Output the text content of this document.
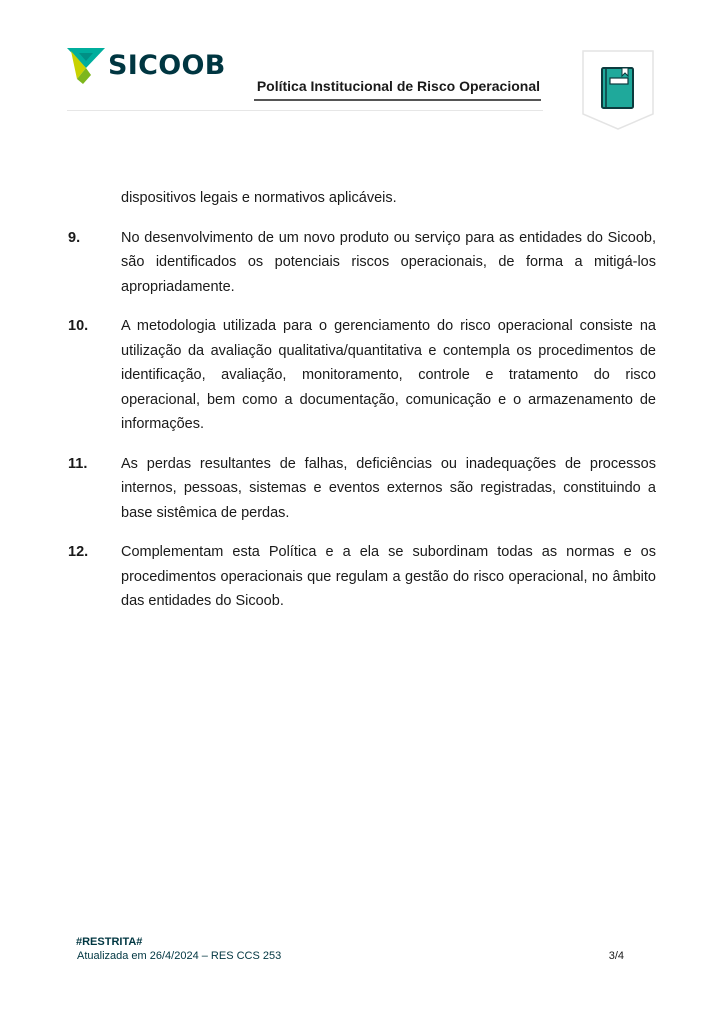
SICOOB
Política Institucional de Risco Operacional

dispositivos legais e normativos aplicáveis.

9.	No desenvolvimento de um novo produto ou serviço para as entidades do Sicoob, são identificados os potenciais riscos operacionais, de forma a mitigá-los apropriadamente.
10.	A metodologia utilizada para o gerenciamento do risco operacional consiste na utilização da avaliação qualitativa/quantitativa e contempla os procedimentos de identificação, avaliação, monitoramento, controle e tratamento do risco operacional, bem como a documentação, comunicação e o armazenamento de informações.
11.	As perdas resultantes de falhas, deficiências ou inadequações de processos internos, pessoas, sistemas e eventos externos são registradas, constituindo a base sistêmica de perdas.
12.	Complementam esta Política e a ela se subordinam todas as normas e os procedimentos operacionais que regulam a gestão do risco operacional, no âmbito das entidades do Sicoob.
#RESTRITA#
Atualizada em 26/4/2024 – RES CCS 253	3/4
